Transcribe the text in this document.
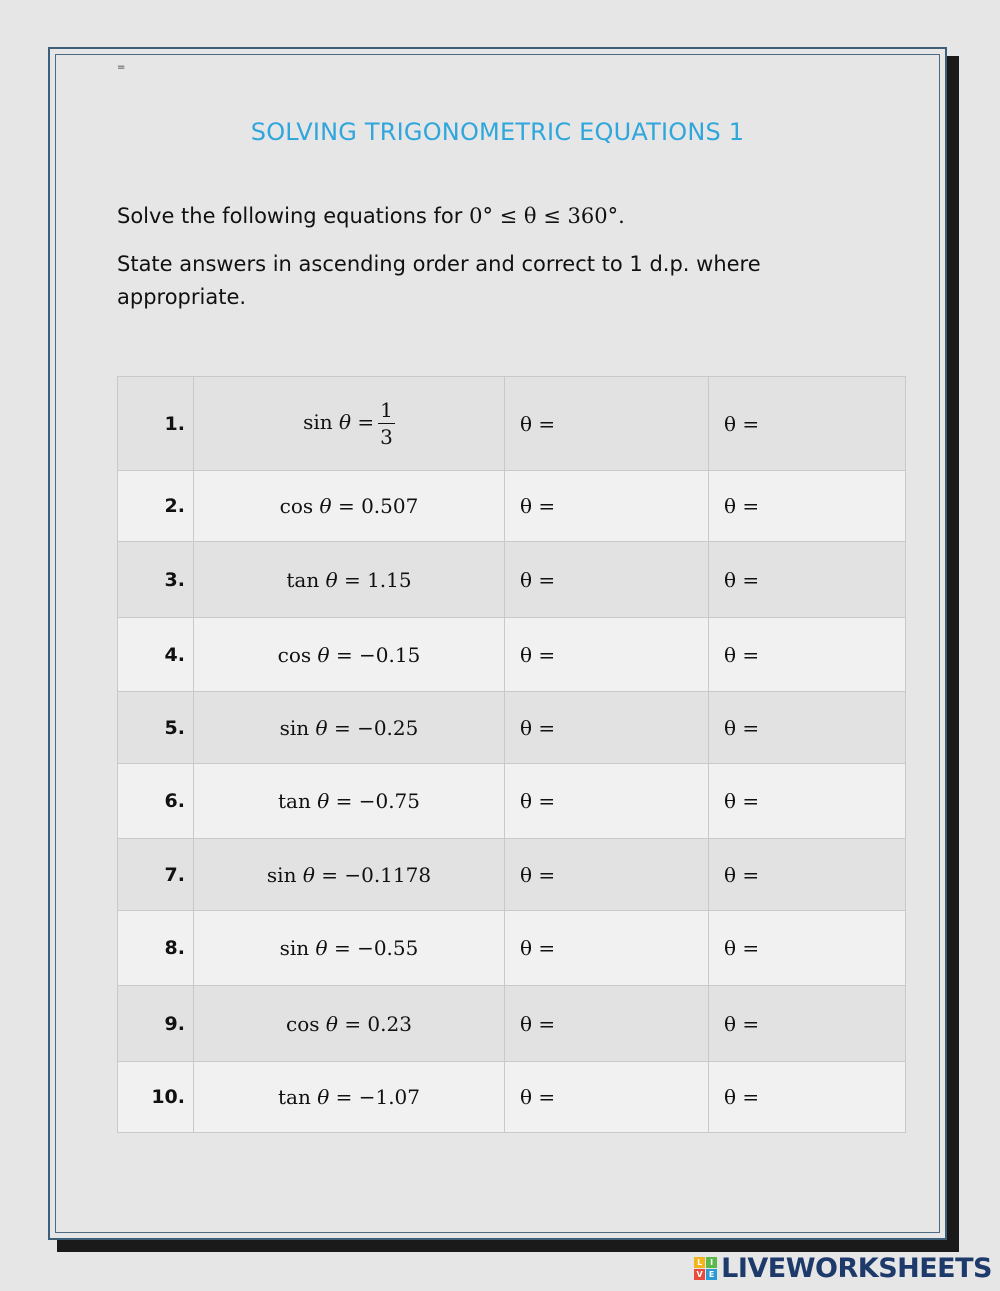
=
SOLVING TRIGONOMETRIC EQUATIONS 1
Solve the following equations for 0° ≤ θ ≤ 360°.
State answers in ascending order and correct to 1 d.p. where appropriate.
1.	$\sin \theta = \frac{1}{3}$	θ =	θ =
2.	cos θ = 0.507	θ =	θ =
3.	tan θ = 1.15	θ =	θ =
4.	cos θ = −0.15	θ =	θ =
5.	sin θ = −0.25	θ =	θ =
6.	tan θ = −0.75	θ =	θ =
7.	sin θ = −0.1178	θ =	θ =
8.	sin θ = −0.55	θ =	θ =
9.	cos θ = 0.23	θ =	θ =
10.	tan θ = −1.07	θ =	θ =
L I
V E LIVEWORKSHEETS
